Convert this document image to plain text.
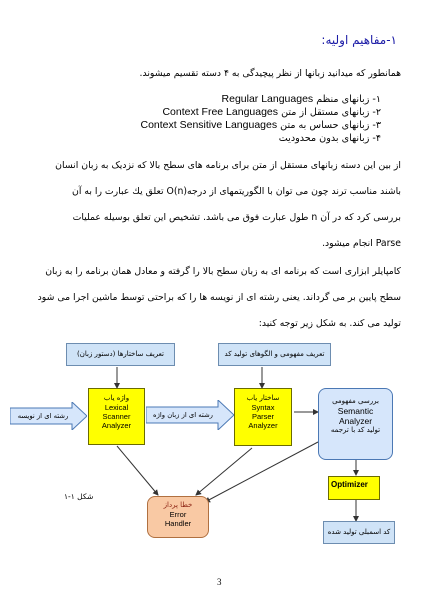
۱-مفاهیم اولیه:
همانطور که میدانید زبانها از نظر پیچیدگی به ۴ دسته تقسیم میشوند.
۱- زبانهای منظم Regular Languages
۲- زبانهای مستقل از متن Context Free Languages
۳- زبانهای حساس به متن Context Sensitive Languages
۴- زبانهای بدون محدودیت
از بین این دسته زبانهای مستقل از متن برای برنامه های سطح بالا که نزدیک به زبان انسان
باشند مناسب ترند چون می توان با الگوریتمهای از درجه(O(n تعلق یك عبارت را به آن
بررسی کرد که در آن n طول عبارت فوق می باشد. تشخیص این تعلق بوسیله عملیات
Parse انجام میشود.
کامپایلر ابزاری است که برنامه ای به زبان سطح بالا را گرفته و معادل همان برنامه را به زبان
سطح پایین بر می گرداند. یعنی رشته ای از نویسه ها را که براحتی توسط ماشین اجرا می شود
تولید می کند. به شکل زیر توجه کنید:
تعریف ساختارها (دستور زبان)	تعریف مفهومی و الگوهای تولید کد
رشته ای از نویسه
واژه یاب
Lexical
Scanner
Analyzer
رشته ای از زبان واژه
ساختار یاب
Syntax
Parser
Analyzer
بررسی مفهومی
Semantic
Analyzer
تولید کد با ترجمه
Optimizer
خطا پرداز
Error
Handler
کد اسمبلی تولید شده
شکل ۱-۱
3
